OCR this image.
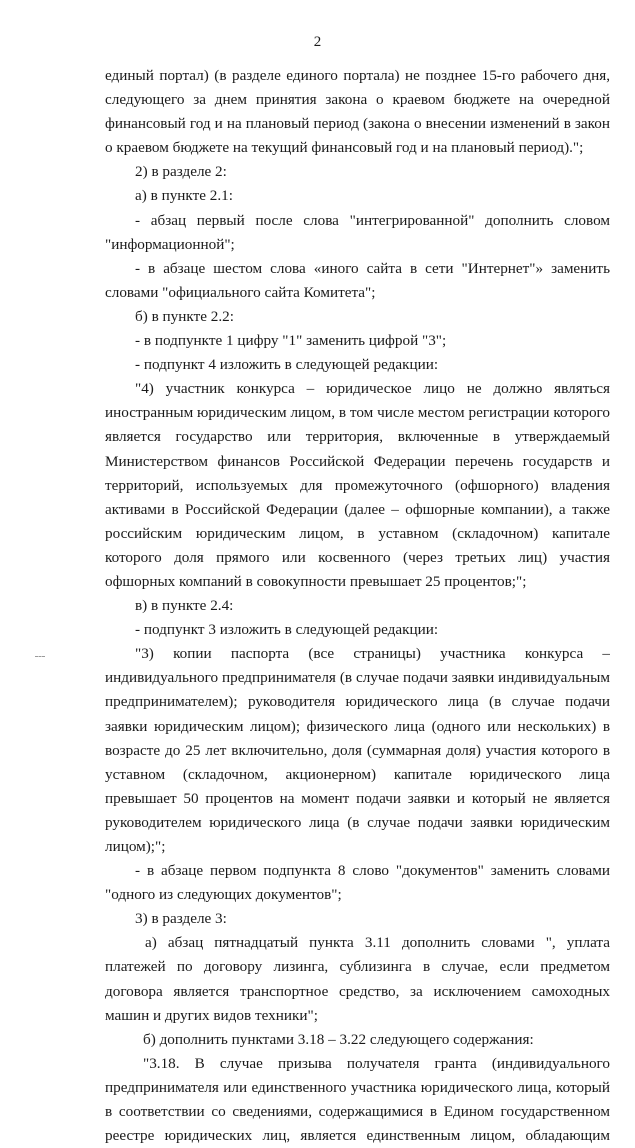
2
единый портал) (в разделе единого портала) не позднее 15-го рабочего дня,
следующего за днем принятия закона о краевом бюджете на очередной
финансовый год и на плановый период (закона о внесении изменений в закон
о краевом бюджете на текущий финансовый год и на плановый период).";
2) в разделе 2:
а) в пункте 2.1:
- абзац первый после слова "интегрированной" дополнить словом
"информационной";
- в абзаце шестом слова «иного сайта в сети "Интернет"» заменить
словами "официального сайта Комитета";
б) в пункте 2.2:
- в подпункте 1 цифру "1" заменить цифрой "3";
- подпункт 4 изложить в следующей редакции:
"4) участник конкурса – юридическое лицо не должно являться
иностранным юридическим лицом, в том числе местом регистрации которого
является государство или территория, включенные в утверждаемый
Министерством финансов Российской Федерации перечень государств и
территорий, используемых для промежуточного (офшорного) владения
активами в Российской Федерации (далее – офшорные компании), а также
российским юридическим лицом, в уставном (складочном) капитале
которого доля прямого или косвенного (через третьих лиц) участия
офшорных компаний в совокупности превышает 25 процентов;";
в) в пункте 2.4:
- подпункт 3 изложить в следующей редакции:
"3) копии паспорта (все страницы) участника конкурса –
индивидуального предпринимателя (в случае подачи заявки индивидуальным
предпринимателем); руководителя юридического лица (в случае подачи
заявки юридическим лицом); физического лица (одного или нескольких) в
возрасте до 25 лет включительно, доля (суммарная доля) участия которого в
уставном (складочном, акционерном) капитале юридического лица
превышает 50 процентов на момент подачи заявки и который не является
руководителем юридического лица (в случае подачи заявки юридическим
лицом);";
- в абзаце первом подпункта 8 слово "документов" заменить словами
"одного из следующих документов";
3) в разделе 3:
а) абзац пятнадцатый пункта 3.11 дополнить словами ", уплата
платежей по договору лизинга, сублизинга в случае, если предметом
договора является транспортное средство, за исключением самоходных
машин и других видов техники";
б) дополнить пунктами 3.18 – 3.22 следующего содержания:
"3.18. В случае призыва получателя гранта (индивидуального
предпринимателя или единственного участника юридического лица, который
в соответствии со сведениями, содержащимися в Едином государственном
реестре юридических лиц, является единственным лицом, обладающим
